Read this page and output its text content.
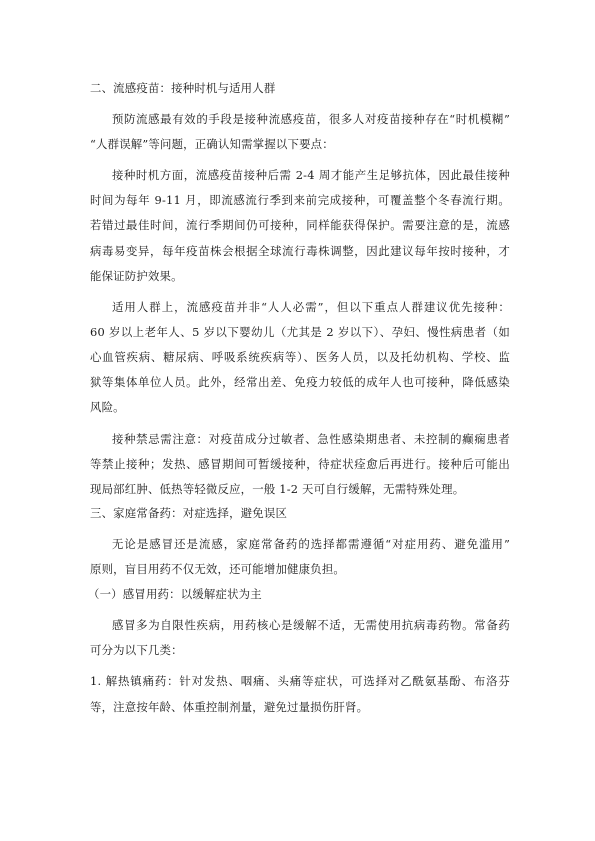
二、流感疫苗：接种时机与适用人群
预防流感最有效的手段是接种流感疫苗，很多人对疫苗接种存在“时机模糊”
“人群误解”等问题，正确认知需掌握以下要点：
接种时机方面，流感疫苗接种后需 2-4 周才能产生足够抗体，因此最佳接种
时间为每年 9-11 月，即流感流行季到来前完成接种，可覆盖整个冬春流行期。
若错过最佳时间，流行季期间仍可接种，同样能获得保护。需要注意的是，流感
病毒易变异，每年疫苗株会根据全球流行毒株调整，因此建议每年按时接种，才
能保证防护效果。
适用人群上，流感疫苗并非“人人必需”，但以下重点人群建议优先接种：
60 岁以上老年人、5 岁以下婴幼儿（尤其是 2 岁以下）、孕妇、慢性病患者（如
心血管疾病、糖尿病、呼吸系统疾病等）、医务人员，以及托幼机构、学校、监
狱等集体单位人员。此外，经常出差、免疫力较低的成年人也可接种，降低感染
风险。
接种禁忌需注意：对疫苗成分过敏者、急性感染期患者、未控制的癫痫患者
等禁止接种；发热、感冒期间可暂缓接种，待症状痊愈后再进行。接种后可能出
现局部红肿、低热等轻微反应，一般 1-2 天可自行缓解，无需特殊处理。
三、家庭常备药：对症选择，避免误区
无论是感冒还是流感，家庭常备药的选择都需遵循“对症用药、避免滥用”
原则，盲目用药不仅无效，还可能增加健康负担。
（一）感冒用药：以缓解症状为主
感冒多为自限性疾病，用药核心是缓解不适，无需使用抗病毒药物。常备药
可分为以下几类：
1. 解热镇痛药：针对发热、咽痛、头痛等症状，可选择对乙酰氨基酚、布洛芬
等，注意按年龄、体重控制剂量，避免过量损伤肝肾。
